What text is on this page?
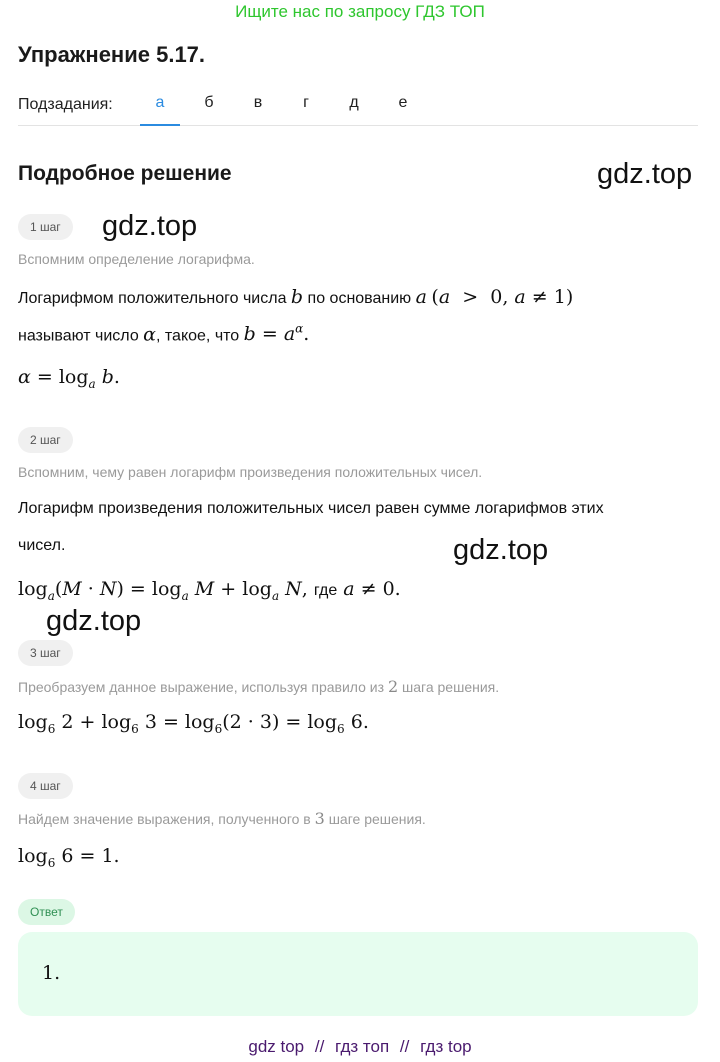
Ищите нас по запросу ГДЗ ТОП
Упражнение 5.17.
Подзадания:	а	б	в	г	д	е
Подробное решение	gdz.top
gdz.top
gdz.top
gdz.top
1 шаг
Вспомним определение логарифма.
Логарифмом положительного числа b по основанию a (a  >  0, a ≠ 1)
называют число α, такое, что $b = a^\alpha$.
$\alpha = \log_a b$.
2 шаг
Вспомним, чему равен логарифм произведения положительных чисел.
Логарифм произведения положительных чисел равен сумме логарифмов этих
чисел.
$\log_a(M \cdot N) = \log_a M + \log_a N$, где a ≠ 0.
3 шаг
Преобразуем данное выражение, используя правило из 2 шага решения.
$\log_6 2 + \log_6 3 = \log_6(2 \cdot 3) = \log_6 6$.
4 шаг
Найдем значение выражения, полученного в 3 шаге решения.
$\log_6 6 = 1$.
Ответ
1.
gdz top // гдз топ // гдз top
